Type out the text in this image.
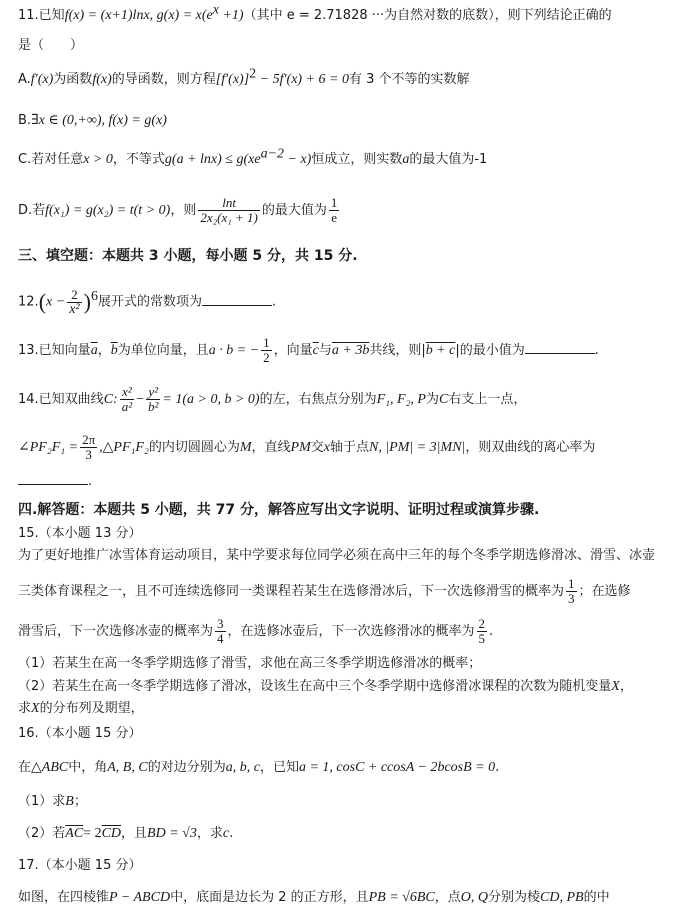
11.已知f(x) = (x+1)lnx, $g(x) = x(e^x +1)$（其中 e = 2.71828 ···为自然对数的底数），则下列结论正确的
是（　　）
A.f′(x)为函数f(x)的导函数，则方程$[f'(x)]^2 - 5f'(x) + 6 = 0$有 3 个不等的实数解
B.∃x ∈ (0,+∞), f(x) = g(x)
C.若对任意x > 0，不等式$g(a + \ln x) \le g(xe^{a-2} - x)$恒成立，则实数a的最大值为-1
D.若f(x₁) = g(x₂) = t(t > 0)，则 $\frac{\ln t}{\text{2x₂(x₁ + 1)}}$ 的最大值为 $\frac{1}{e}$
三、填空题：本题共 3 小题，每小题 5 分，共 15 分.
$12.(x - \frac{2}{\text{x²}} )^6$展开式的常数项为	.
13.已知向量$\overline{a}$，$\overline{b}$为单位向量，且a · b = − $\frac{1}{2}$ ，向量$\overline{c}$与a + 3b共线，则|b + c|的最小值为	.
14.已知双曲线C: $\frac{\text{x²}}{\text{a²}} - \frac{\text{y²}}{\text{b²}} = 1(a > 0$, b > 0)的左，右焦点分别为F₁, F₂, P为C右支上一点，
∠PF₂F₁ = $\frac{2\pi}{3}$ ,△PF₁F₂的内切圆圆心为M，直线PM交x轴于点N, |PM| = 3|MN|，则双曲线的离心率为
.
四.解答题：本题共 5 小题，共 77 分，解答应写出文字说明、证明过程或演算步骤.
15.（本小题 13 分）
为了更好地推广冰雪体育运动项目，某中学要求每位同学必须在高中三年的每个冬季学期选修滑冰、滑雪、冰壶
三类体育课程之一，且不可连续选修同一类课程若某生在选修滑冰后，下一次选修滑雪的概率为 $\frac{1}{3}$ ；在选修
滑雪后，下一次选修冰壶的概率为 $\frac{3}{4}$ ，在选修冰壶后，下一次选修滑冰的概率为 $\frac{2}{5}$ .
（1）若某生在高一冬季学期选修了滑雪，求他在高三冬季学期选修滑冰的概率；
（2）若某生在高一冬季学期选修了滑冰，设该生在高中三个冬季学期中选修滑冰课程的次数为随机变量X，
求X的分布列及期望，
16.（本小题 15 分）
在△ABC中，角A, B, C的对边分别为a, b, c，已知a = 1, cosC + ccosA − 2bcosB = 0.
（1）求B；
（2）若$\overline{AC}= 2\overline{CD}$，且BD = √3，求c.
17.（本小题 15 分）
如图，在四棱锥P − ABCD中，底面是边长为 2 的正方形，且PB = √6BC，点O, Q分别为棱CD, PB的中
